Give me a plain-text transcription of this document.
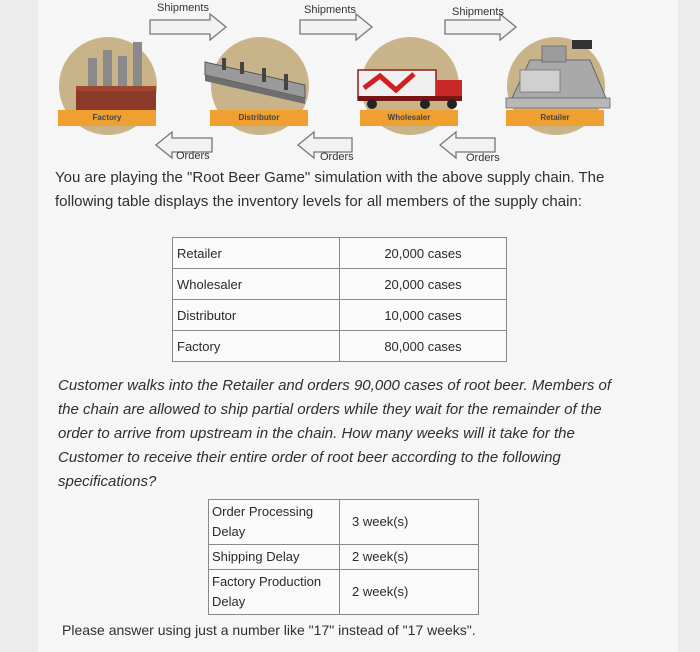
Shipments	Shipments	Shipments
Orders	Orders	Orders
Factory	Distributor	Wholesaler	Retailer

You are playing the "Root Beer Game" simulation with the above supply chain. The following table displays the inventory levels for all members of the supply chain:

Retailer	20,000 cases
Wholesaler	20,000 cases
Distributor	10,000 cases
Factory	80,000 cases

Customer walks into the Retailer and orders 90,000 cases of root beer. Members of the chain are allowed to ship partial orders while they wait for the remainder of the order to arrive from upstream in the chain. How many weeks will it take for the Customer to receive their entire order of root beer according to the following specifications?

Order Processing Delay	3 week(s)
Shipping Delay	2 week(s)
Factory Production Delay	2 week(s)
Please answer using just a number like "17" instead of "17 weeks".
